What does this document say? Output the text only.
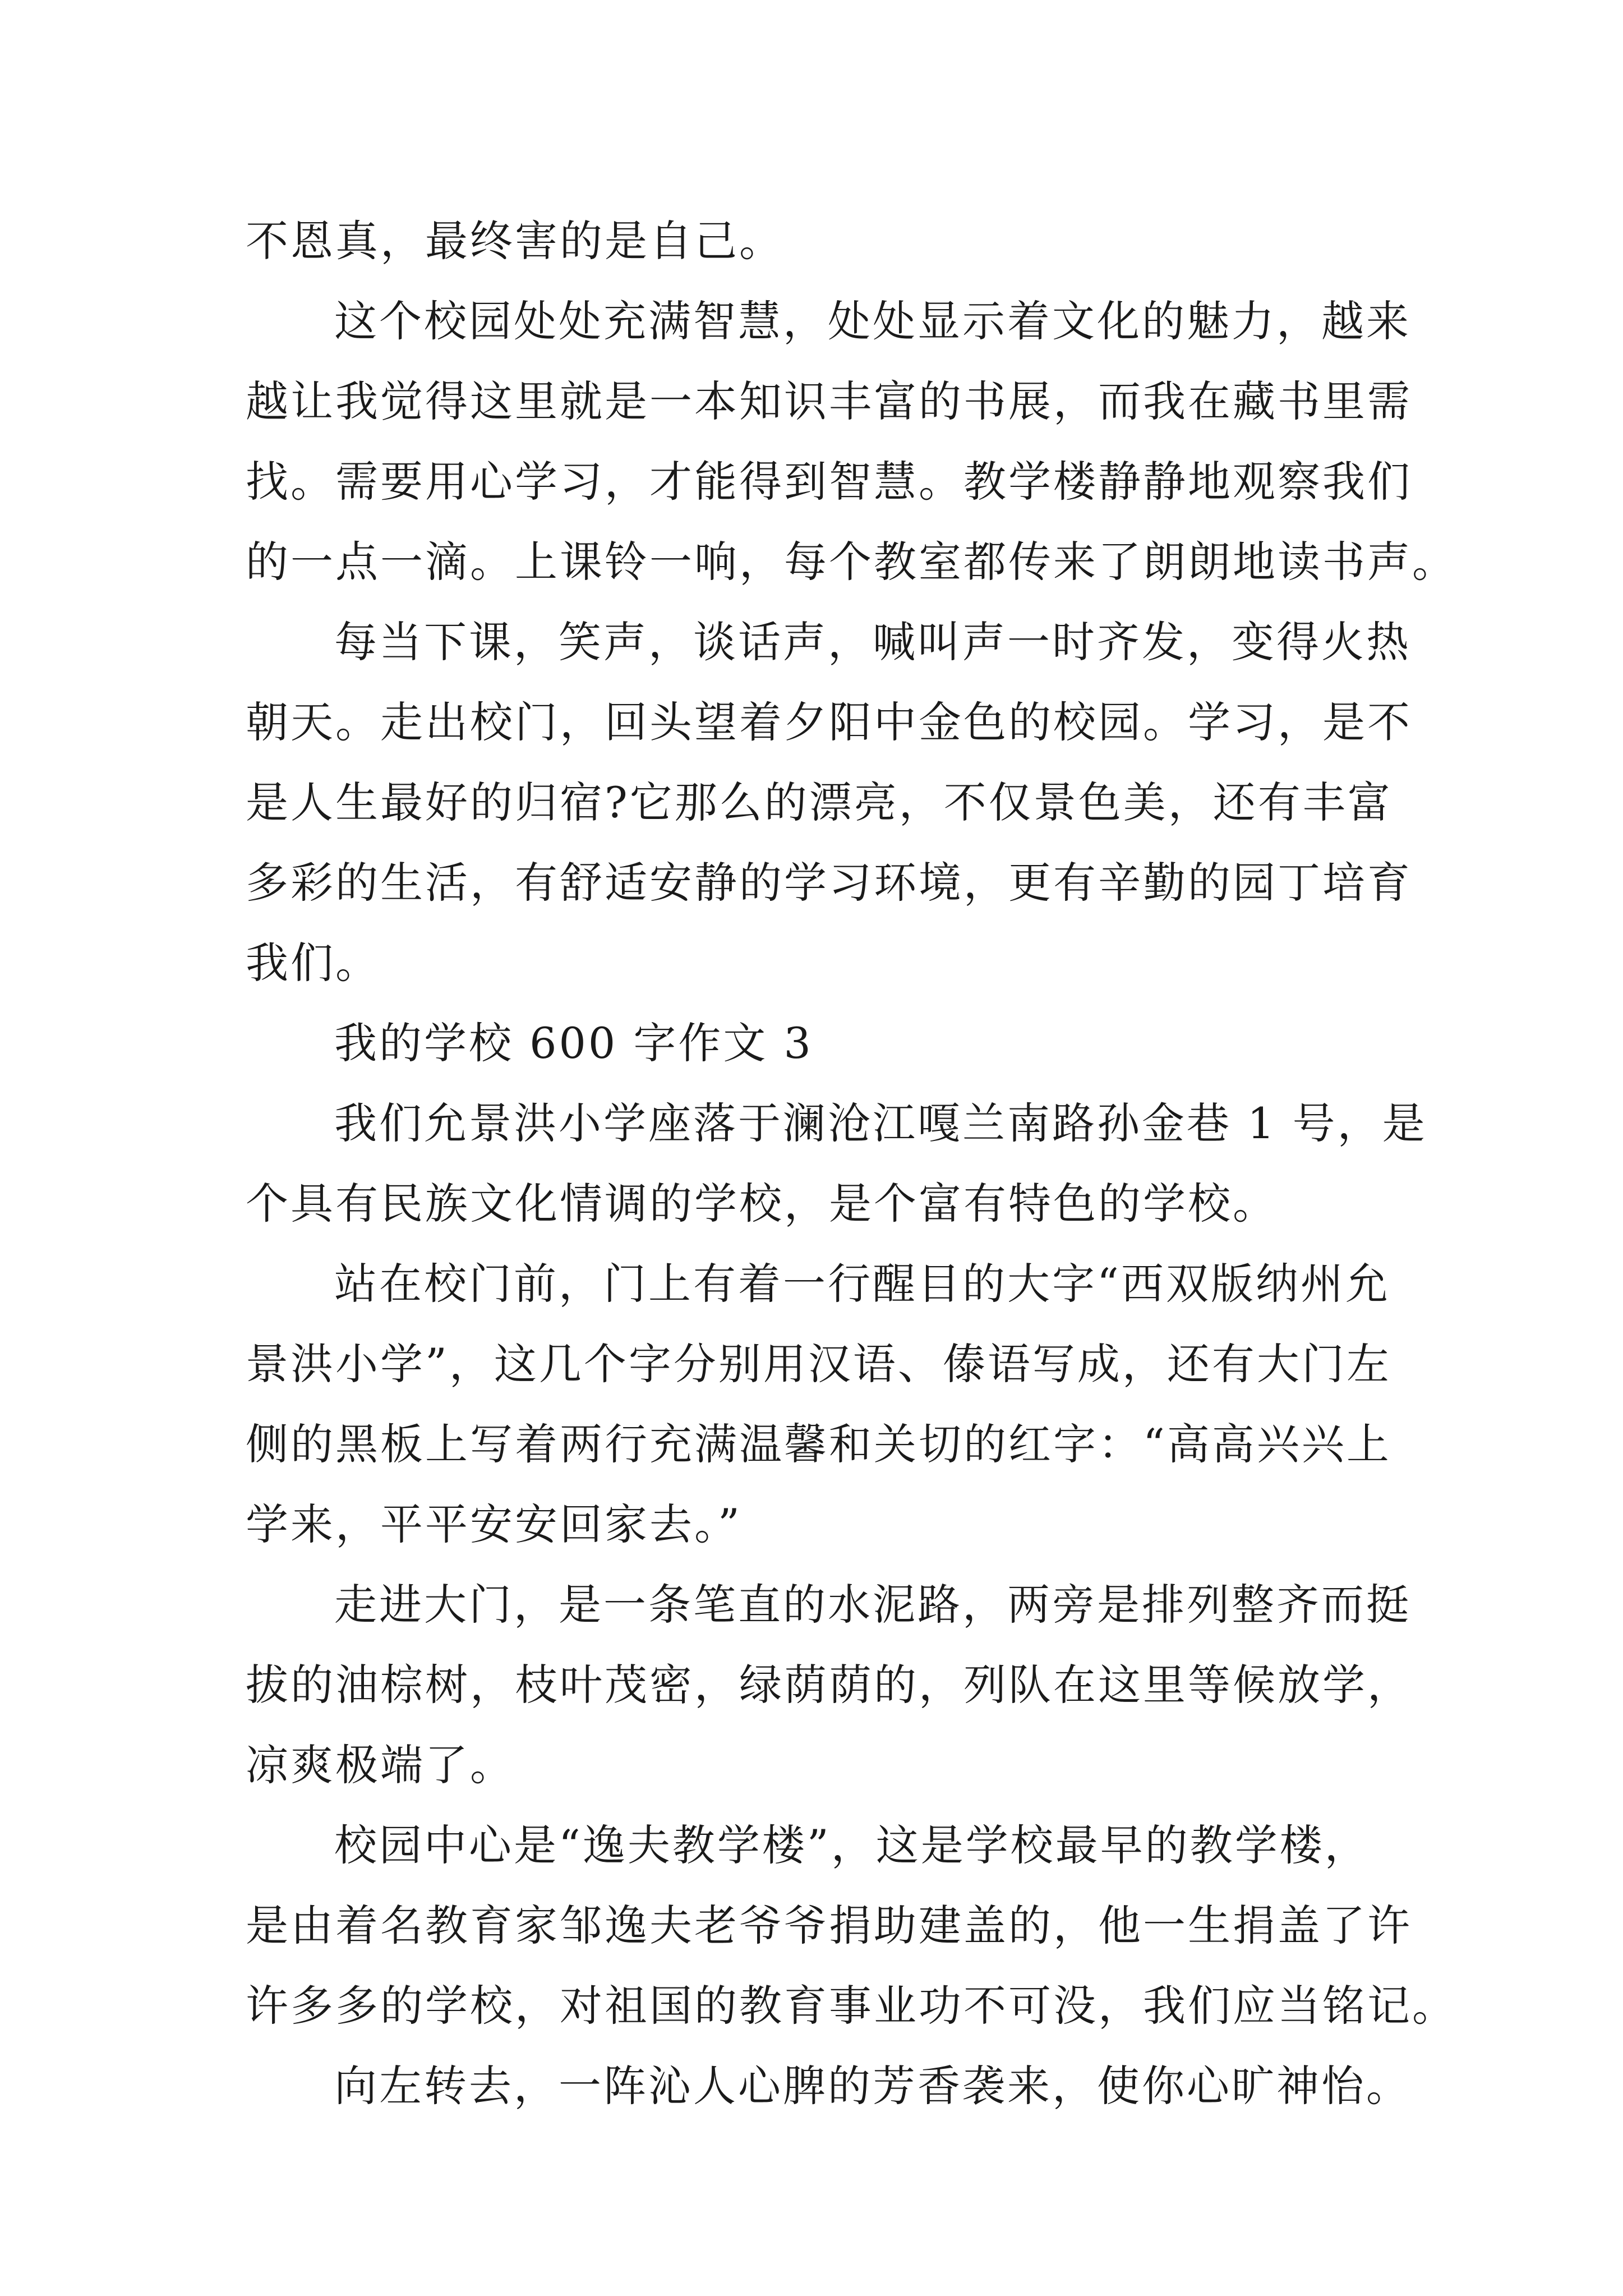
不恩真，最终害的是自己。
这个校园处处充满智慧，处处显示着文化的魅力，越来
越让我觉得这里就是一本知识丰富的书展，而我在藏书里需
找。需要用心学习，才能得到智慧。教学楼静静地观察我们
的一点一滴。上课铃一响，每个教室都传来了朗朗地读书声。
每当下课，笑声，谈话声，喊叫声一时齐发，变得火热
朝天。走出校门，回头望着夕阳中金色的校园。学习，是不
是人生最好的归宿?它那么的漂亮，不仅景色美，还有丰富
多彩的生活，有舒适安静的学习环境，更有辛勤的园丁培育
我们。
我的学校 600 字作文 3
我们允景洪小学座落于澜沧江嘎兰南路孙金巷 1 号，是
个具有民族文化情调的学校，是个富有特色的学校。
站在校门前，门上有着一行醒目的大字“西双版纳州允
景洪小学”，这几个字分别用汉语、傣语写成，还有大门左
侧的黑板上写着两行充满温馨和关切的红字：“高高兴兴上
学来，平平安安回家去。”
走进大门，是一条笔直的水泥路，两旁是排列整齐而挺
拔的油棕树，枝叶茂密，绿荫荫的，列队在这里等候放学，
凉爽极端了。
校园中心是“逸夫教学楼”，这是学校最早的教学楼，
是由着名教育家邹逸夫老爷爷捐助建盖的，他一生捐盖了许
许多多的学校，对祖国的教育事业功不可没，我们应当铭记。
向左转去，一阵沁人心脾的芳香袭来，使你心旷神怡。
